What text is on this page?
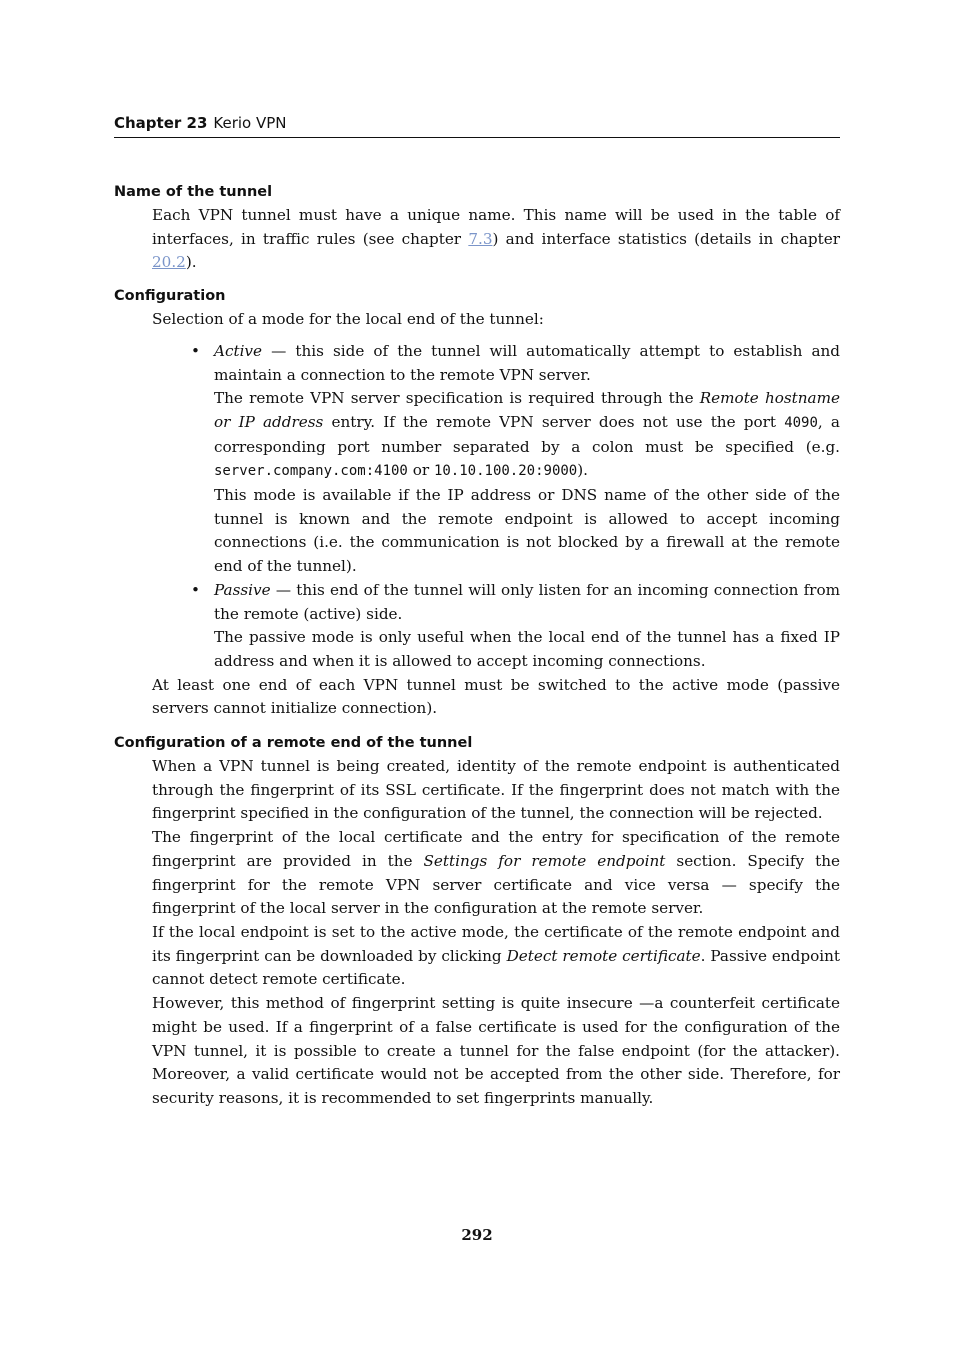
Chapter 23 Kerio VPN
Name of the tunnel

Each VPN tunnel must have a unique name. This name will be used in the table of interfaces, in traffic rules (see chapter 7.3) and interface statistics (details in chapter 20.2).

Configuration

Selection of a mode for the local end of the tunnel:

• Active — this side of the tunnel will automatically attempt to establish and maintain a connection to the remote VPN server.

The remote VPN server specification is required through the Remote hostname or IP address entry. If the remote VPN server does not use the port 4090, a corresponding port number separated by a colon must be specified (e.g. server.company.com:4100 or 10.10.100.20:9000).

This mode is available if the IP address or DNS name of the other side of the tunnel is known and the remote endpoint is allowed to accept incoming connections (i.e. the communication is not blocked by a firewall at the remote end of the tunnel).

• Passive — this end of the tunnel will only listen for an incoming connection from the remote (active) side.

The passive mode is only useful when the local end of the tunnel has a fixed IP address and when it is allowed to accept incoming connections.

At least one end of each VPN tunnel must be switched to the active mode (passive servers cannot initialize connection).

Configuration of a remote end of the tunnel

When a VPN tunnel is being created, identity of the remote endpoint is authenticated through the fingerprint of its SSL certificate. If the fingerprint does not match with the fingerprint specified in the configuration of the tunnel, the connection will be rejected.

The fingerprint of the local certificate and the entry for specification of the remote fingerprint are provided in the Settings for remote endpoint section. Specify the fingerprint for the remote VPN server certificate and vice versa — specify the fingerprint of the local server in the configuration at the remote server.

If the local endpoint is set to the active mode, the certificate of the remote endpoint and its fingerprint can be downloaded by clicking Detect remote certificate. Passive endpoint cannot detect remote certificate.

However, this method of fingerprint setting is quite insecure —a counterfeit certificate might be used. If a fingerprint of a false certificate is used for the configuration of the VPN tunnel, it is possible to create a tunnel for the false endpoint (for the attacker). Moreover, a valid certificate would not be accepted from the other side. Therefore, for security reasons, it is recommended to set fingerprints manually.

292
